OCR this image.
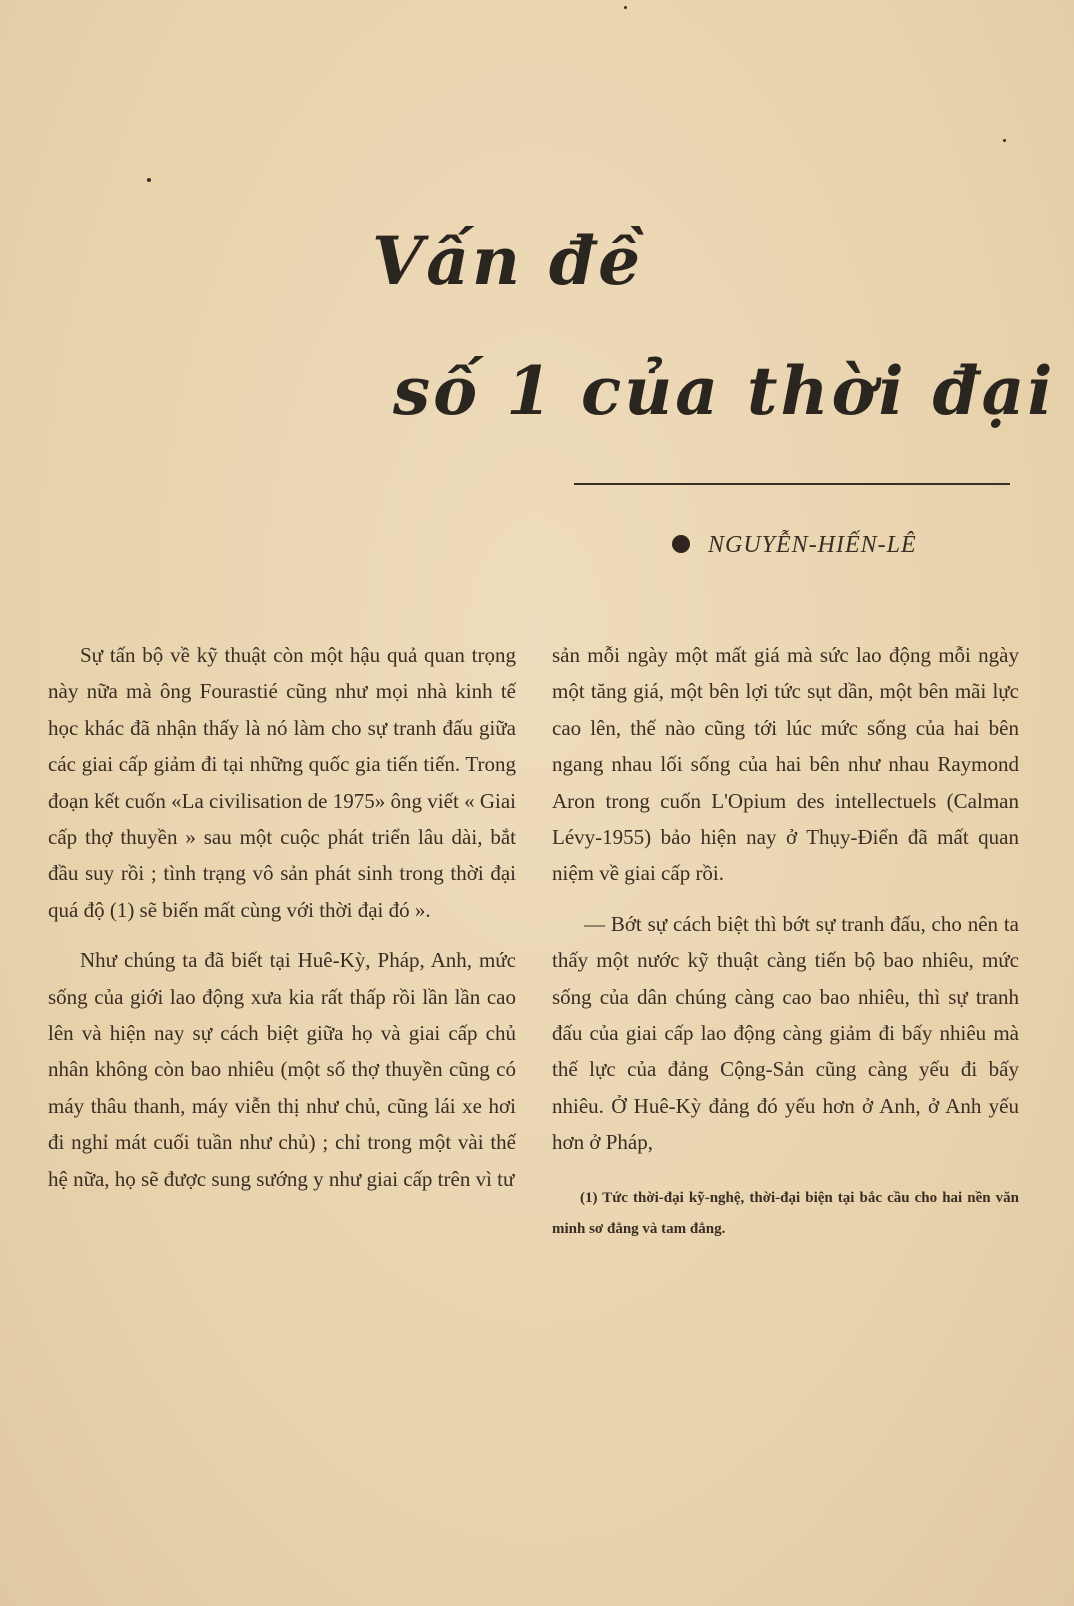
Vấn đề
số 1 của thời đại
NGUYỄN-HIẾN-LÊ

Sự tấn bộ về kỹ thuật còn một hậu quả quan trọng này nữa mà ông Fourastié cũng như mọi nhà kinh tế học khác đã nhận thấy là nó làm cho sự tranh đấu giữa các giai cấp giảm đi tại những quốc gia tiến tiến. Trong đoạn kết cuốn «La civilisation de 1975» ông viết « Giai cấp thợ thuyền » sau một cuộc phát triển lâu dài, bắt đầu suy rồi ; tình trạng vô sản phát sinh trong thời đại quá độ (1) sẽ biến mất cùng với thời đại đó ».

Như chúng ta đã biết tại Huê-Kỳ, Pháp, Anh, mức sống của giới lao động xưa kia rất thấp rồi lần lần cao lên và hiện nay sự cách biệt giữa họ và giai cấp chủ nhân không còn bao nhiêu (một số thợ thuyền cũng có máy thâu thanh, máy viễn thị như chủ, cũng lái xe hơi đi nghỉ mát cuối tuần như chủ) ; chỉ trong một vài thế hệ nữa, họ sẽ được sung sướng y như giai cấp trên vì tư

sản mỗi ngày một mất giá mà sức lao động mỗi ngày một tăng giá, một bên lợi tức sụt dần, một bên mãi lực cao lên, thế nào cũng tới lúc mức sống của hai bên ngang nhau lối sống của hai bên như nhau Raymond Aron trong cuốn L'Opium des intellectuels (Calman Lévy-1955) bảo hiện nay ở Thụy-Điển đã mất quan niệm về giai cấp rồi.

— Bớt sự cách biệt thì bớt sự tranh đấu, cho nên ta thấy một nước kỹ thuật càng tiến bộ bao nhiêu, mức sống của dân chúng càng cao bao nhiêu, thì sự tranh đấu của giai cấp lao động càng giảm đi bấy nhiêu mà thế lực của đảng Cộng-Sản cũng càng yếu đi bấy nhiêu. Ở Huê-Kỳ đảng đó yếu hơn ở Anh, ở Anh yếu hơn ở Pháp,

(1) Tức thời-đại kỹ-nghệ, thời-đại biện tại bắc cầu cho hai nền văn minh sơ đẳng và tam đẳng.
